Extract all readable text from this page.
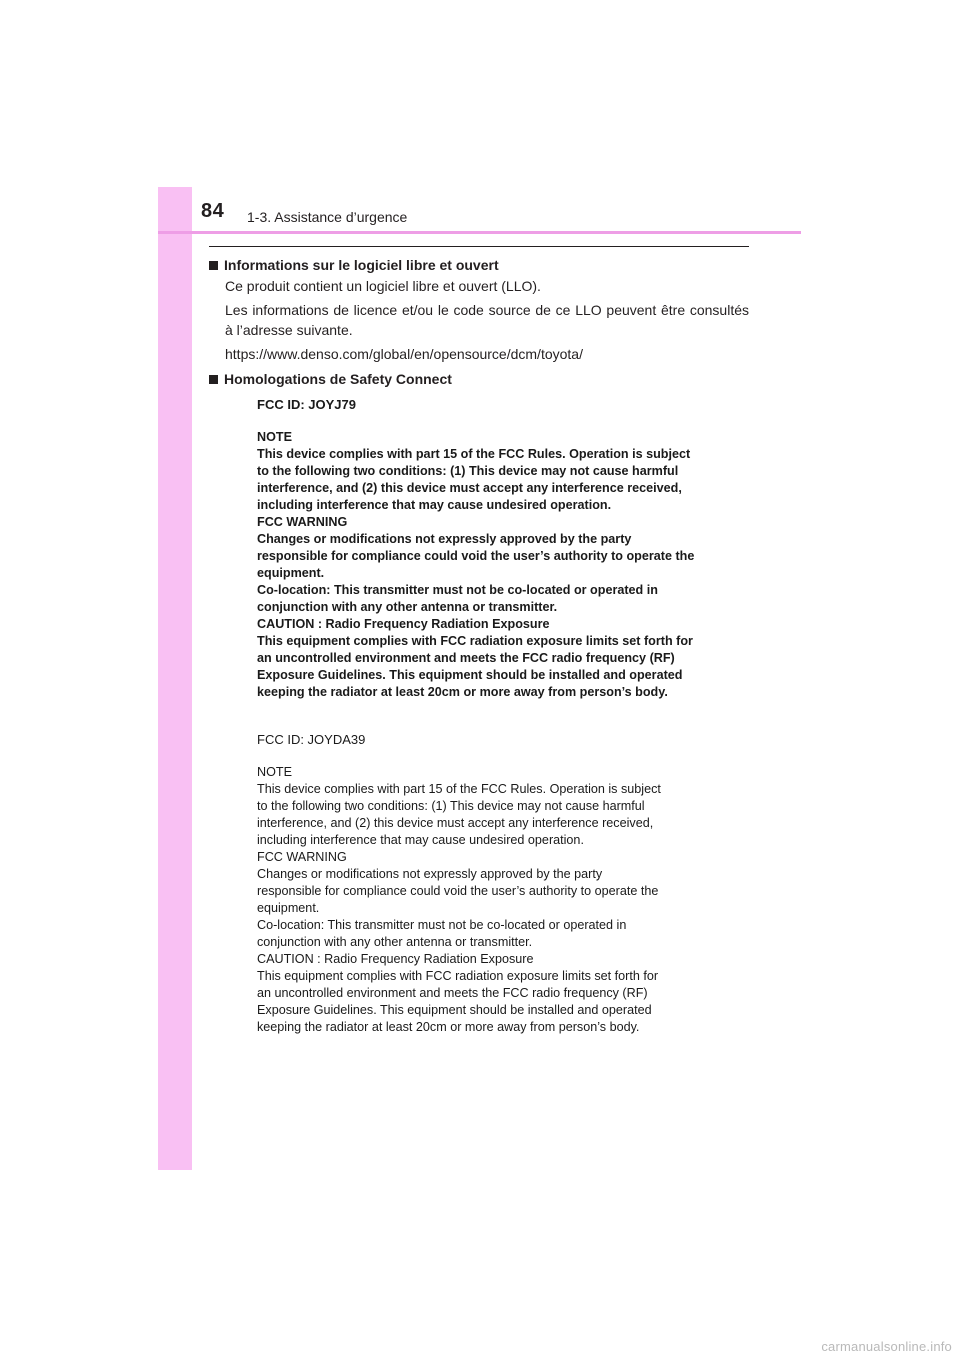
84 1-3. Assistance d’urgence
Informations sur le logiciel libre et ouvert
Ce produit contient un logiciel libre et ouvert (LLO).
Les informations de licence et/ou le code source de ce LLO peuvent être consultés à l’adresse suivante.
https://www.denso.com/global/en/opensource/dcm/toyota/
Homologations de Safety Connect
FCC ID: JOYJ79
NOTE
This device complies with part 15 of the FCC Rules. Operation is subject
to the following two conditions: (1) This device may not cause harmful
interference, and (2) this device must accept any interference received,
including interference that may cause undesired operation.
FCC WARNING
Changes or modifications not expressly approved by the party
responsible for compliance could void the user’s authority to operate the
equipment.
Co-location: This transmitter must not be co-located or operated in
conjunction with any other antenna or transmitter.
CAUTION : Radio Frequency Radiation Exposure
This equipment complies with FCC radiation exposure limits set forth for
an uncontrolled environment and meets the FCC radio frequency (RF)
Exposure Guidelines. This equipment should be installed and operated
keeping the radiator at least 20cm or more away from person’s body.
FCC ID: JOYDA39
NOTE
This device complies with part 15 of the FCC Rules. Operation is subject
to the following two conditions: (1) This device may not cause harmful
interference, and (2) this device must accept any interference received,
including interference that may cause undesired operation.
FCC WARNING
Changes or modifications not expressly approved by the party
responsible for compliance could void the user’s authority to operate the
equipment.
Co-location: This transmitter must not be co-located or operated in
conjunction with any other antenna or transmitter.
CAUTION : Radio Frequency Radiation Exposure
This equipment complies with FCC radiation exposure limits set forth for
an uncontrolled environment and meets the FCC radio frequency (RF)
Exposure Guidelines. This equipment should be installed and operated
keeping the radiator at least 20cm or more away from person’s body.
carmanualsonline.info
